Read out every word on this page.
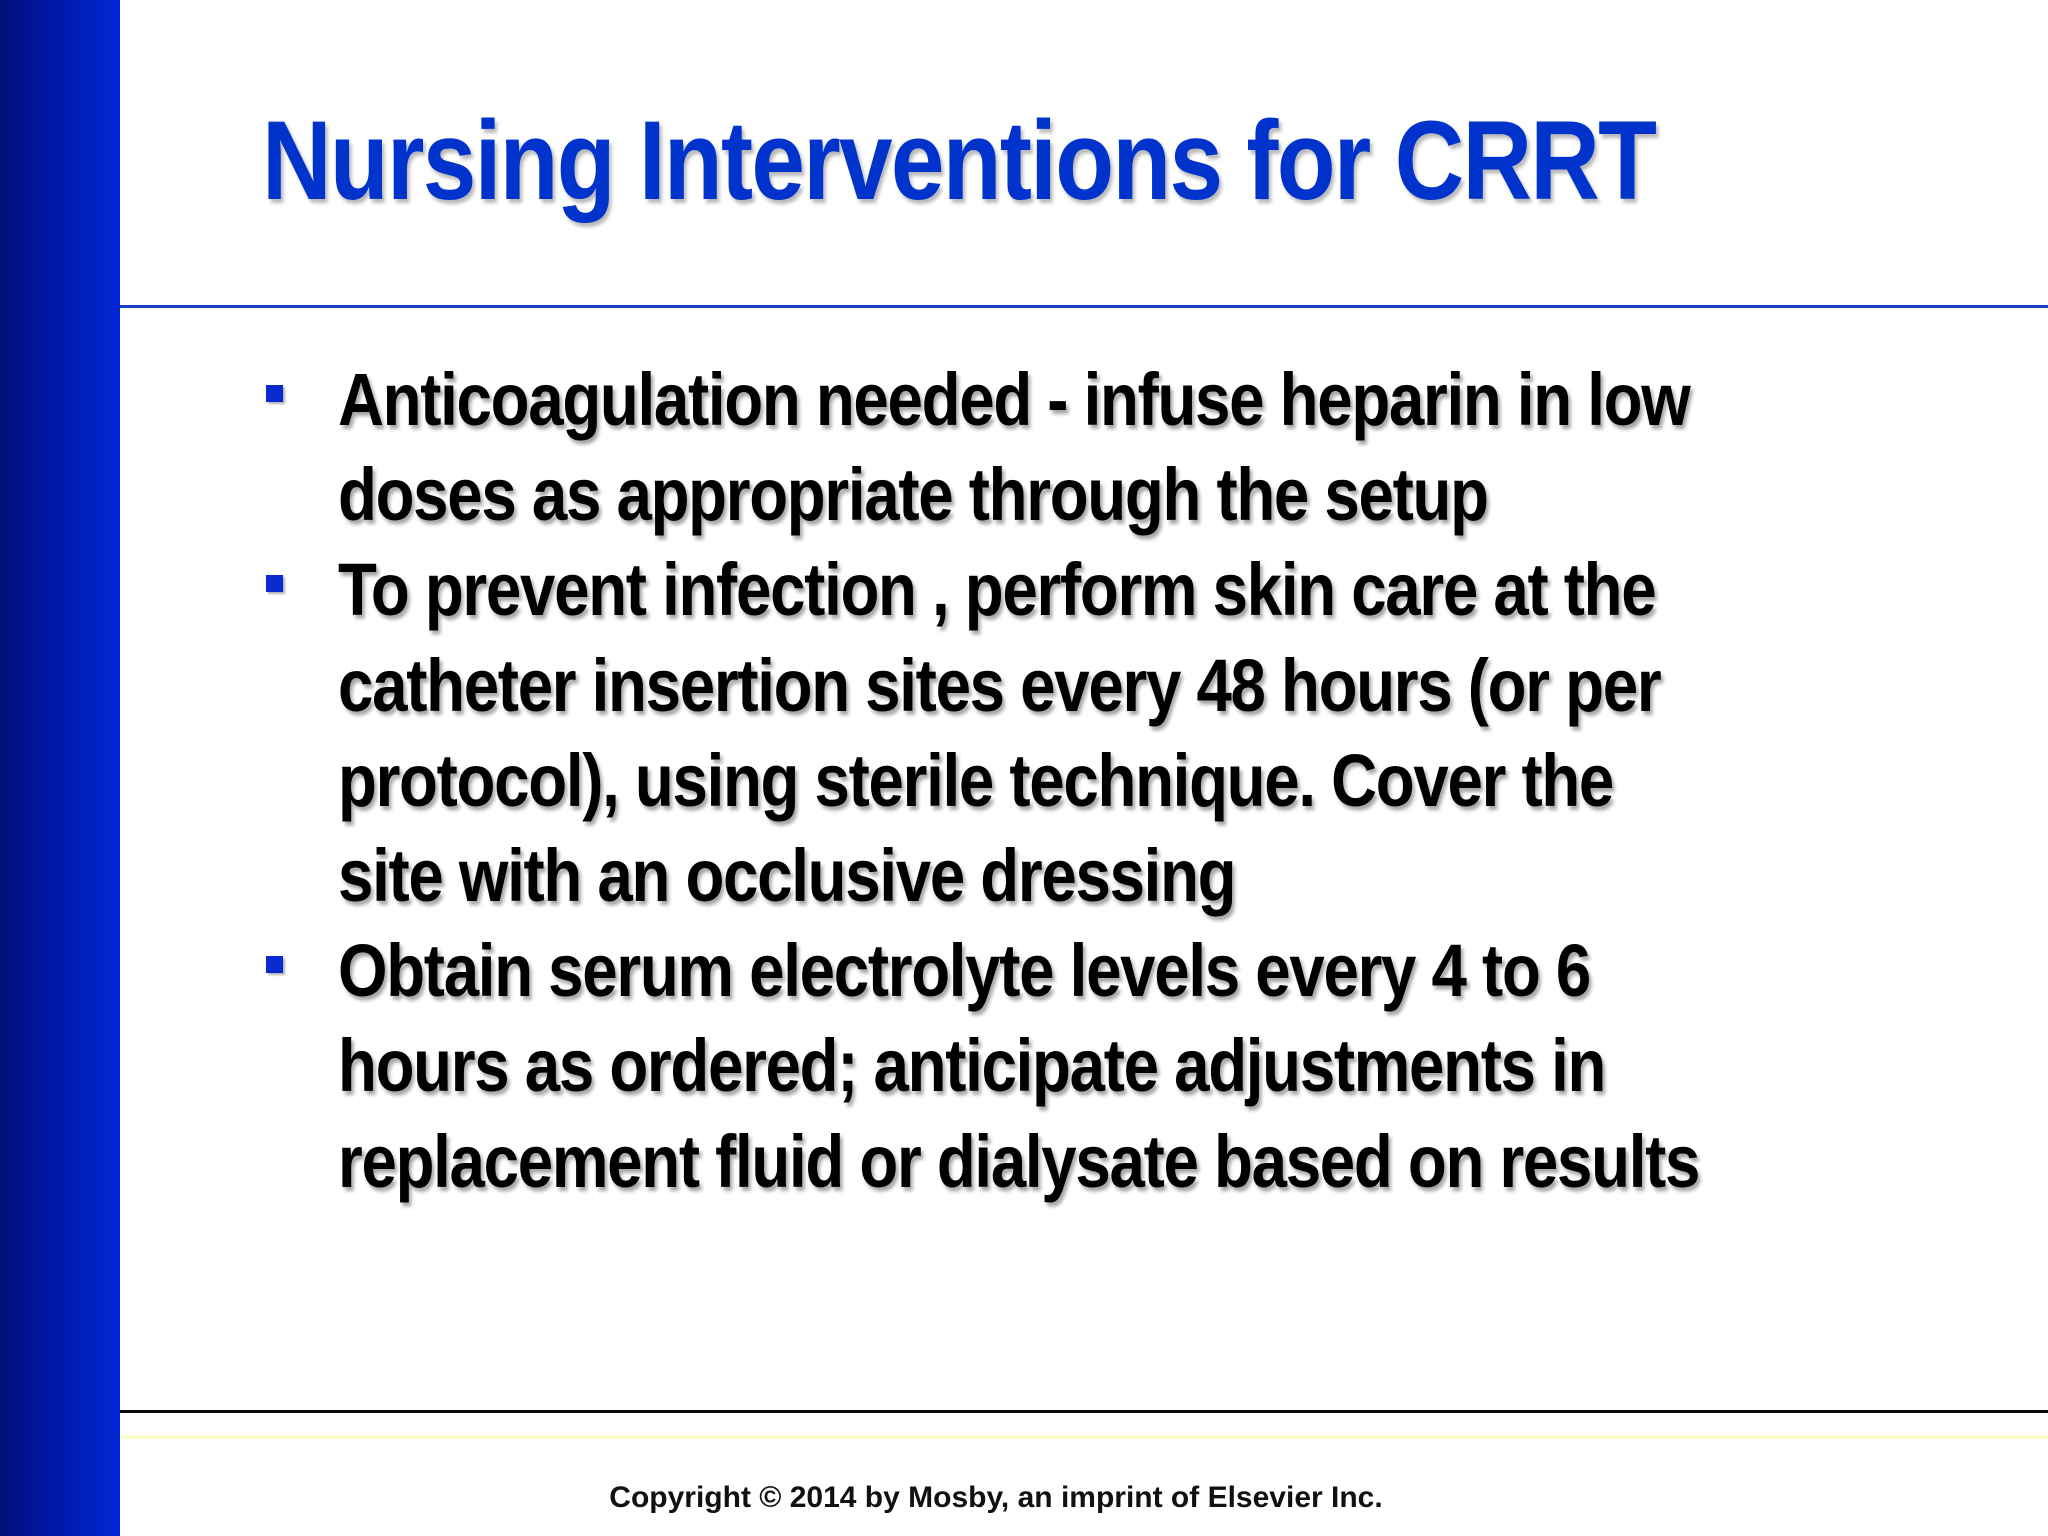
Nursing Interventions for CRRT
Anticoagulation needed - infuse heparin in low
doses as appropriate through the setup
To prevent infection , perform skin care at the
catheter insertion sites every 48 hours (or per
protocol), using sterile technique. Cover the
site with an occlusive dressing
Obtain serum electrolyte levels every 4 to 6
hours as ordered; anticipate adjustments in
replacement fluid or dialysate based on results
Copyright © 2014 by Mosby, an imprint of Elsevier Inc.
